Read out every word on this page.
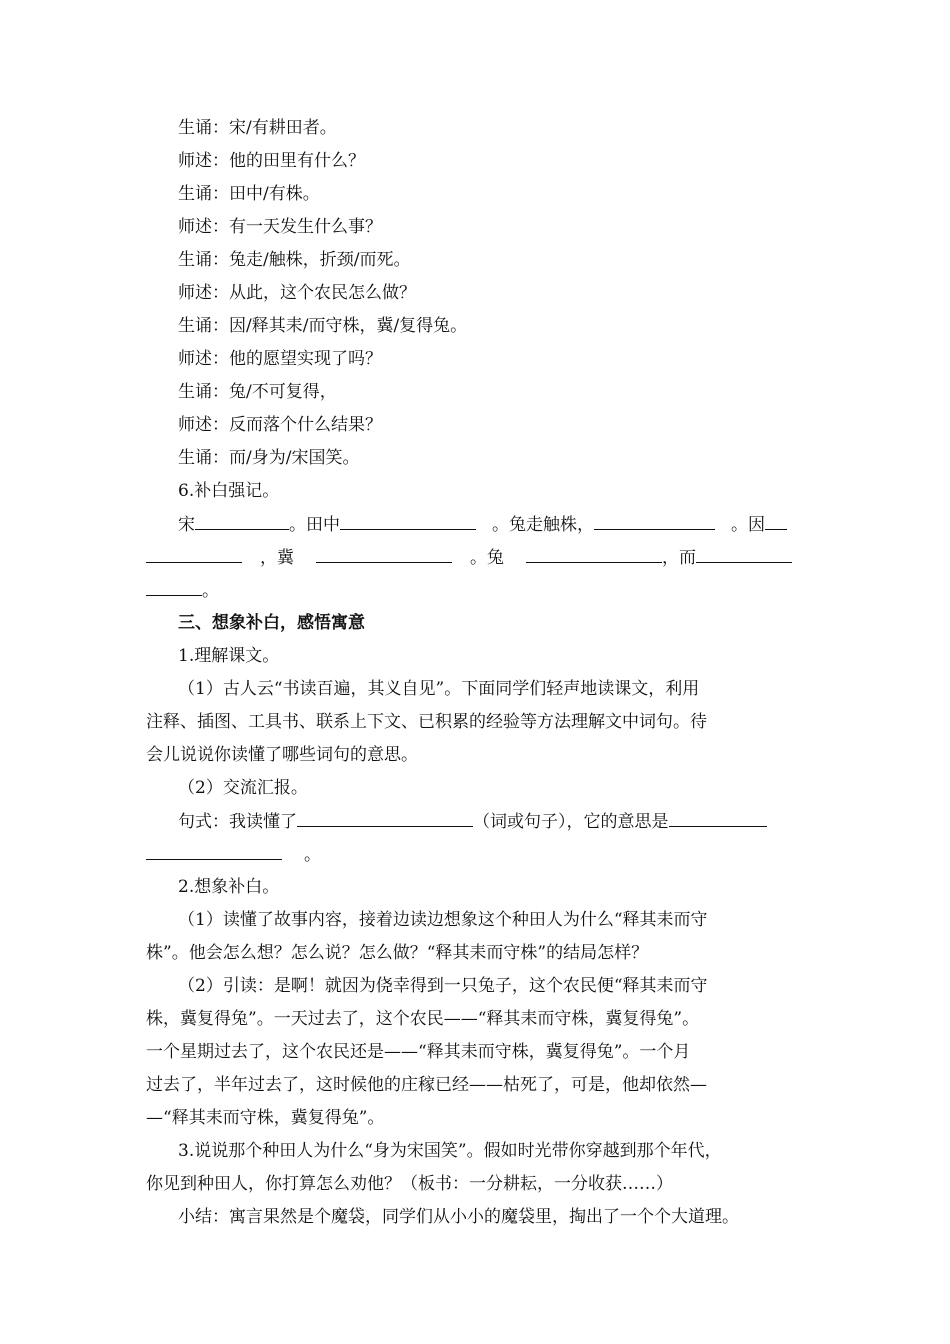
生诵：宋/有耕田者。
师述：他的田里有什么？
生诵：田中/有株。
师述：有一天发生什么事？
生诵：兔走/触株，折颈/而死。
师述：从此，这个农民怎么做？
生诵：因/释其耒/而守株，冀/复得兔。
师述：他的愿望实现了吗？
生诵：兔/不可复得，
师述：反而落个什么结果？
生诵：而/身为/宋国笑。
6.补白强记。
宋	。田中	。兔走触株，	。因
，冀	。兔	，而
。
三、想象补白，感悟寓意
1.理解课文。
（1）古人云“书读百遍，其义自见”。下面同学们轻声地读课文，利用
注释、插图、工具书、联系上下文、已积累的经验等方法理解文中词句。待
会儿说说你读懂了哪些词句的意思。
（2）交流汇报。
句式：我读懂了	（词或句子），它的意思是
。
2.想象补白。
（1）读懂了故事内容，接着边读边想象这个种田人为什么“释其耒而守
株”。他会怎么想？怎么说？怎么做？“释其耒而守株”的结局怎样？
（2）引读：是啊！就因为侥幸得到一只兔子，这个农民便“释其耒而守
株，冀复得兔”。一天过去了，这个农民——“释其耒而守株，冀复得兔”。
一个星期过去了，这个农民还是——“释其耒而守株，冀复得兔”。一个月
过去了，半年过去了，这时候他的庄稼已经——枯死了，可是，他却依然—
—“释其耒而守株，冀复得兔”。
3.说说那个种田人为什么“身为宋国笑”。假如时光带你穿越到那个年代，
你见到种田人，你打算怎么劝他？（板书：一分耕耘，一分收获……）
小结：寓言果然是个魔袋，同学们从小小的魔袋里，掏出了一个个大道理。
